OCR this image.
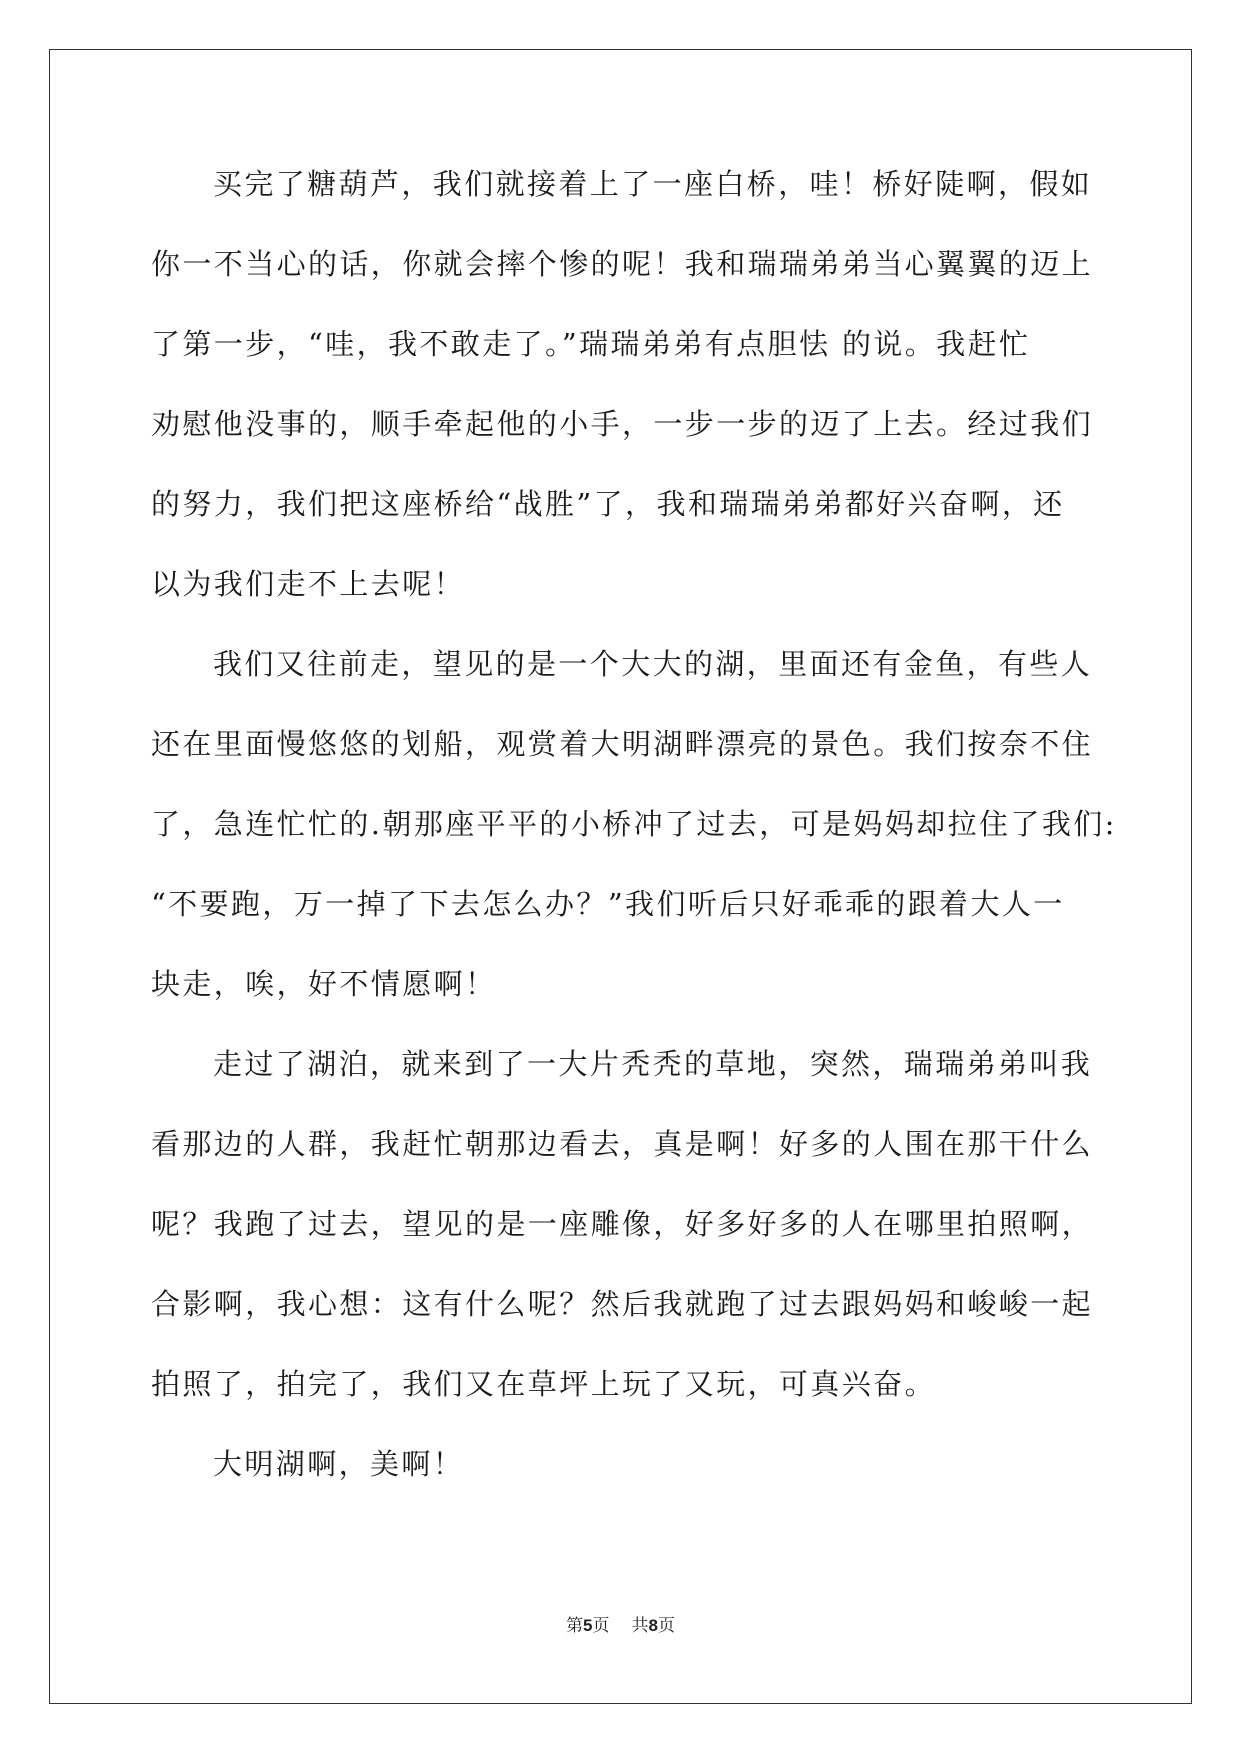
买完了糖葫芦，我们就接着上了一座白桥，哇！桥好陡啊，假如
你一不当心的话，你就会摔个惨的呢！我和瑞瑞弟弟当心翼翼的迈上
了第一步，“哇，我不敢走了。”瑞瑞弟弟有点胆怯 的说。我赶忙
劝慰他没事的，顺手牵起他的小手，一步一步的迈了上去。经过我们
的努力，我们把这座桥给“战胜”了，我和瑞瑞弟弟都好兴奋啊，还
以为我们走不上去呢！
我们又往前走，望见的是一个大大的湖，里面还有金鱼，有些人
还在里面慢悠悠的划船，观赏着大明湖畔漂亮的景色。我们按奈不住
了，急连忙忙的.朝那座平平的小桥冲了过去，可是妈妈却拉住了我们:
“不要跑，万一掉了下去怎么办？”我们听后只好乖乖的跟着大人一
块走，唉，好不情愿啊！
走过了湖泊，就来到了一大片秃秃的草地，突然，瑞瑞弟弟叫我
看那边的人群，我赶忙朝那边看去，真是啊！好多的人围在那干什么
呢？我跑了过去，望见的是一座雕像，好多好多的人在哪里拍照啊，
合影啊，我心想：这有什么呢？然后我就跑了过去跟妈妈和峻峻一起
拍照了，拍完了，我们又在草坪上玩了又玩，可真兴奋。
大明湖啊，美啊！
第5页 共8页
